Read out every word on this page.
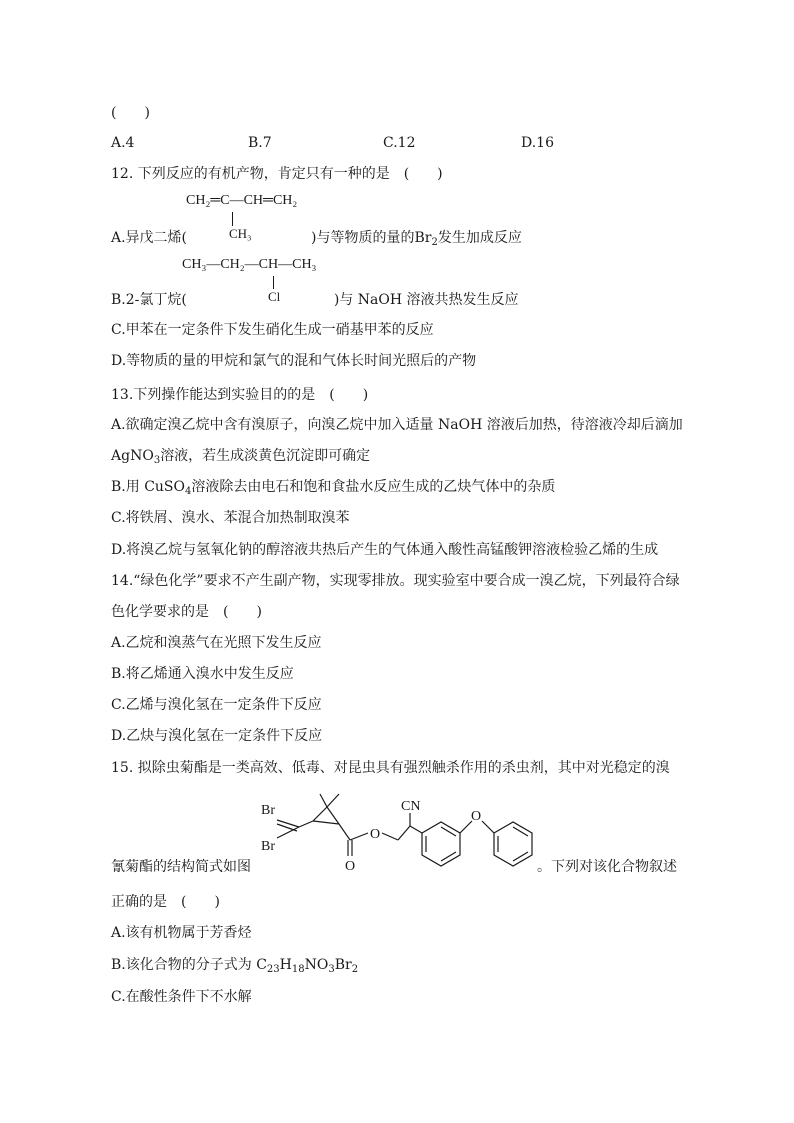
(　　)
A.4	B.7	C.12	D.16
12. 下列反应的有机产物，肯定只有一种的是　(　　)
CH₂═C—CH═CH₂
CH₃
A.异戊二烯(	)与等物质的量的$Br_2$发生加成反应
CH₃—CH₂—CH—CH₃
Cl
B.2-氯丁烷(	)与 NaOH 溶液共热发生反应
C.甲苯在一定条件下发生硝化生成一硝基甲苯的反应
D.等物质的量的甲烷和氯气的混和气体长时间光照后的产物
13.下列操作能达到实验目的的是　(　　)
A.欲确定溴乙烷中含有溴原子，向溴乙烷中加入适量 NaOH 溶液后加热，待溶液冷却后滴加
AgNO$_3$溶液，若生成淡黄色沉淀即可确定
B.用 CuSO$_4$溶液除去由电石和饱和食盐水反应生成的乙炔气体中的杂质
C.将铁屑、溴水、苯混合加热制取溴苯
D.将溴乙烷与氢氧化钠的醇溶液共热后产生的气体通入酸性高锰酸钾溶液检验乙烯的生成
14.“绿色化学”要求不产生副产物，实现零排放。现实验室中要合成一溴乙烷，下列最符合绿
色化学要求的是　(　　)
A.乙烷和溴蒸气在光照下发生反应
B.将乙烯通入溴水中发生反应
C.乙烯与溴化氢在一定条件下反应
D.乙炔与溴化氢在一定条件下反应
15. 拟除虫菊酯是一类高效、低毒、对昆虫具有强烈触杀作用的杀虫剂，其中对光稳定的溴
Br
Br
O
O
CN
O
氰菊酯的结构简式如图	。下列对该化合物叙述
正确的是　(　　)
A.该有机物属于芳香烃
B.该化合物的分子式为 $C_{23}H_{18}NO_3Br_2$
C.在酸性条件下不水解
